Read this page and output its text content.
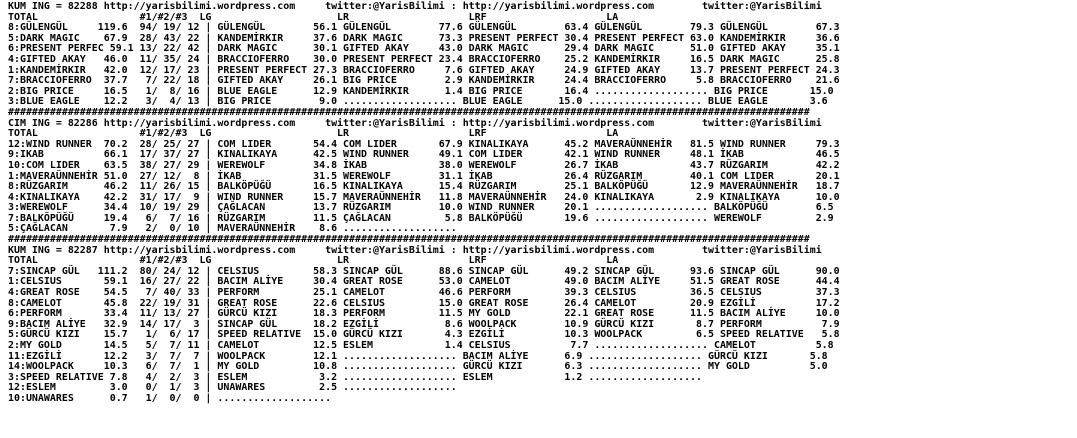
KUM ING = 82288 http://yarisbilimi.wordpress.com     twitter:@YarisBilimi : http://yarisbilimi.wordpress.com        twitter:@YarisBilimi
TOTAL                 #1/#2/#3  LG                     LR                    LRF                    LA
8:GÜLENGÜL     119.6  94/ 19/ 12 | GÜLENGÜL        56.1 GÜLENGÜL        77.6 GÜLENGÜL        63.4 GÜLENGÜL        79.3 GÜLENGÜL        67.3
5:DARK MAGIC    67.9  28/ 43/ 22 | KANDEMİRKIR     37.6 DARK MAGIC      73.3 PRESENT PERFECT 30.4 PRESENT PERFECT 63.0 KANDEMİRKIR     36.6
6:PRESENT PERFEC 59.1 13/ 22/ 42 | DARK MAGIC      30.1 GIFTED AKAY     43.0 DARK MAGIC      29.4 DARK MAGIC      51.0 GIFTED AKAY     35.1
4:GIFTED AKAY   46.0  11/ 35/ 24 | BRACCIOFERRO    30.0 PRESENT PERFECT 23.4 BRACCIOFERRO    25.2 KANDEMİRKIR     16.5 DARK MAGIC      25.8
1:KANDEMİRKIR   42.0  12/ 17/ 23 | PRESENT PERFECT 27.3 BRACCIOFERRO     7.6 GIFTED AKAY     24.9 GIFTED AKAY     13.7 PRESENT PERFECT 24.3
7:BRACCIOFERRO  37.7   7/ 22/ 18 | GIFTED AKAY     26.1 BIG PRICE        2.9 KANDEMİRKIR     24.4 BRACCIOFERRO     5.8 BRACCIOFERRO    21.6
2:BIG PRICE     16.5   1/  8/ 16 | BLUE EAGLE      12.9 KANDEMİRKIR      1.4 BIG PRICE       16.4 ................... BIG PRICE       15.0
3:BLUE EAGLE    12.2   3/  4/ 13 | BIG PRICE        9.0 ................... BLUE EAGLE      15.0 ................... BLUE EAGLE       3.6
######################################################################################################################################
CIM ING = 82286 http://yarisbilimi.wordpress.com     twitter:@YarisBilimi : http://yarisbilimi.wordpress.com        twitter:@YarisBilimi
TOTAL                 #1/#2/#3  LG                     LR                    LRF                    LA
12:WIND RUNNER  70.2  28/ 25/ 27 | COM LIDER       54.4 COM LIDER       67.9 KINALIKAYA      45.2 MAVERAÜNNEHİR   81.5 WIND RUNNER     79.3
9:IKAB          66.1  17/ 37/ 27 | KINALIKAYA      42.5 WIND RUNNER     49.1 COM LIDER       42.1 WIND RUNNER     48.1 İKAB            46.5
10:COM LIDER    63.5  38/ 27/ 29 | WEREWOLF        34.8 İKAB            38.0 WEREWOLF        26.7 İKAB            43.7 RÜZGARIM        42.2
1:MAVERAÜNNEHİR 51.0  27/ 12/  8 | İKAB            31.5 WEREWOLF        31.1 İKAB            26.4 RÜZGARIM        40.1 COM LIDER       20.1
8:RÜZGARIM      46.2  11/ 26/ 15 | BALKÖPÜĞÜ       16.5 KINALIKAYA      15.4 RÜZGARIM        25.1 BALKÖPÜĞÜ       12.9 MAVERAÜNNEHİR   18.7
4:KINALIKAYA    42.2  31/ 17/  9 | WIND RUNNER     15.7 MAVERAÜNNEHİR   11.8 MAVERAÜNNEHİR   24.0 KINALIKAYA       2.9 KINALIKAYA      10.0
3:WEREWOLF      34.4  10/ 19/ 29 | ÇAĞLACAN        13.7 RÜZGARIM        10.0 WIND RUNNER     20.1 ................... BALKÖPÜĞÜ        6.5
7:BALKÖPÜĞÜ     19.4   6/  7/ 16 | RÜZGARIM        11.5 ÇAĞLACAN         5.8 BALKÖPÜĞÜ       19.6 ................... WEREWOLF         2.9
5:ÇAĞLACAN       7.9   2/  0/ 10 | MAVERAÜNNEHİR    8.6 ...................
######################################################################################################################################
KUM ING = 82287 http://yarisbilimi.wordpress.com     twitter:@YarisBilimi : http://yarisbilimi.wordpress.com        twitter:@YarisBilimi
TOTAL                 #1/#2/#3  LG                     LR                    LRF                    LA
7:SINCAP GÜL   111.2  80/ 24/ 12 | CELSIUS         58.3 SINCAP GÜL      88.6 SINCAP GÜL      49.2 SINCAP GÜL      93.6 SINCAP GÜL      90.0
1:CELSIUS       59.1  16/ 27/ 22 | BACIM ALİYE     30.4 GREAT ROSE      53.0 CAMELOT         49.0 BACIM ALİYE     51.5 GREAT ROSE      44.4
4:GREAT ROSE    54.5   7/ 40/ 33 | PERFORM         25.1 CAMELOT         46.6 PERFORM         39.3 CELSIUS         36.5 CELSIUS         37.3
8:CAMELOT       45.8  22/ 19/ 31 | GREAT ROSE      22.6 CELSIUS         15.0 GREAT ROSE      26.4 CAMELOT         20.9 EZGİLİ          17.2
6:PERFORM       33.4  11/ 13/ 27 | GÜRCÜ KIZI      18.3 PERFORM         11.5 MY GOLD         22.1 GREAT ROSE      11.5 BACIM ALİYE     10.0
9:BACIM ALİYE   32.9  14/ 17/  3 | SINCAP GÜL      18.2 EZGİLİ           8.6 WOOLPACK        10.9 GÜRCÜ KIZI       8.7 PERFORM          7.9
5:GÜRCÜ KIZI    15.7   1/  6/ 17 | SPEED RELATIVE  15.0 GÜRCÜ KIZI       4.3 EZGİLİ          10.3 WOOLPACK         6.5 SPEED RELATIVE   5.8
2:MY GOLD       14.5   5/  7/ 11 | CAMELOT         12.5 ESLEM            1.4 CELSIUS          7.7 ................... CAMELOT          5.8
11:EZGİLİ       12.2   3/  7/  7 | WOOLPACK        12.1 ................... BACIM ALİYE      6.9 ................... GÜRCÜ KIZI       5.8
14:WOOLPACK     10.3   6/  7/  1 | MY GOLD         10.8 ................... GÜRCÜ KIZI       6.3 ................... MY GOLD          5.0
3:SPEED RELATIVE 7.8   4/  2/  3 | ESLEM            3.2 ................... ESLEM            1.2 ...................
12:ESLEM         3.0   0/  1/  3 | UNAWARES         2.5 ...................
10:UNAWARES      0.7   1/  0/  0 | ...................
